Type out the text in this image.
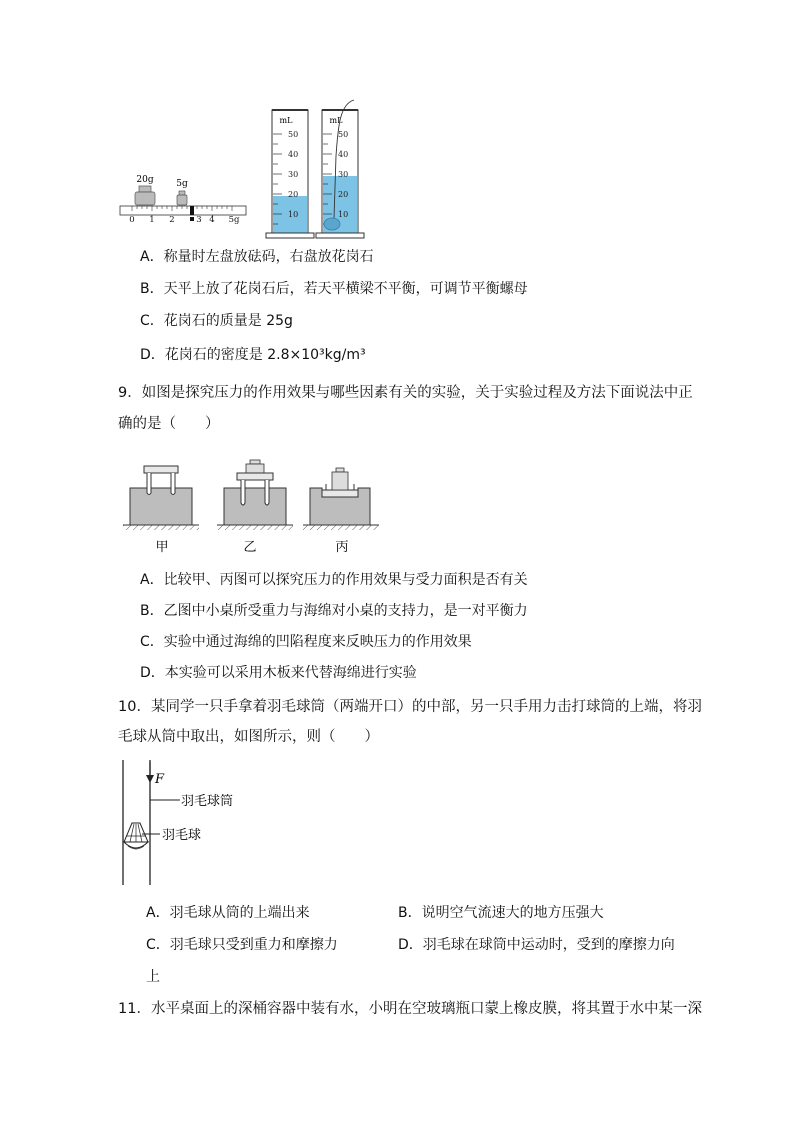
20g	5g
0 1 2	3 4 5g
mL
50
40
30
20
10
mL
50
40
30
20
10
A．称量时左盘放砝码，右盘放花岗石
B．天平上放了花岗石后，若天平横梁不平衡，可调节平衡螺母
C．花岗石的质量是 25g
D．花岗石的密度是 2.8×10³kg/m³
9．如图是探究压力的作用效果与哪些因素有关的实验，关于实验过程及方法下面说法中正
确的是（　　）
甲	乙	丙
A．比较甲、丙图可以探究压力的作用效果与受力面积是否有关
B．乙图中小桌所受重力与海绵对小桌的支持力，是一对平衡力
C．实验中通过海绵的凹陷程度来反映压力的作用效果
D．本实验可以采用木板来代替海绵进行实验
10．某同学一只手拿着羽毛球筒（两端开口）的中部，另一只手用力击打球筒的上端，将羽
毛球从筒中取出，如图所示，则（　　）
F
羽毛球筒
羽毛球
A．羽毛球从筒的上端出来	B．说明空气流速大的地方压强大
C．羽毛球只受到重力和摩擦力	D．羽毛球在球筒中运动时，受到的摩擦力向
上
11．水平桌面上的深桶容器中装有水，小明在空玻璃瓶口蒙上橡皮膜，将其置于水中某一深
